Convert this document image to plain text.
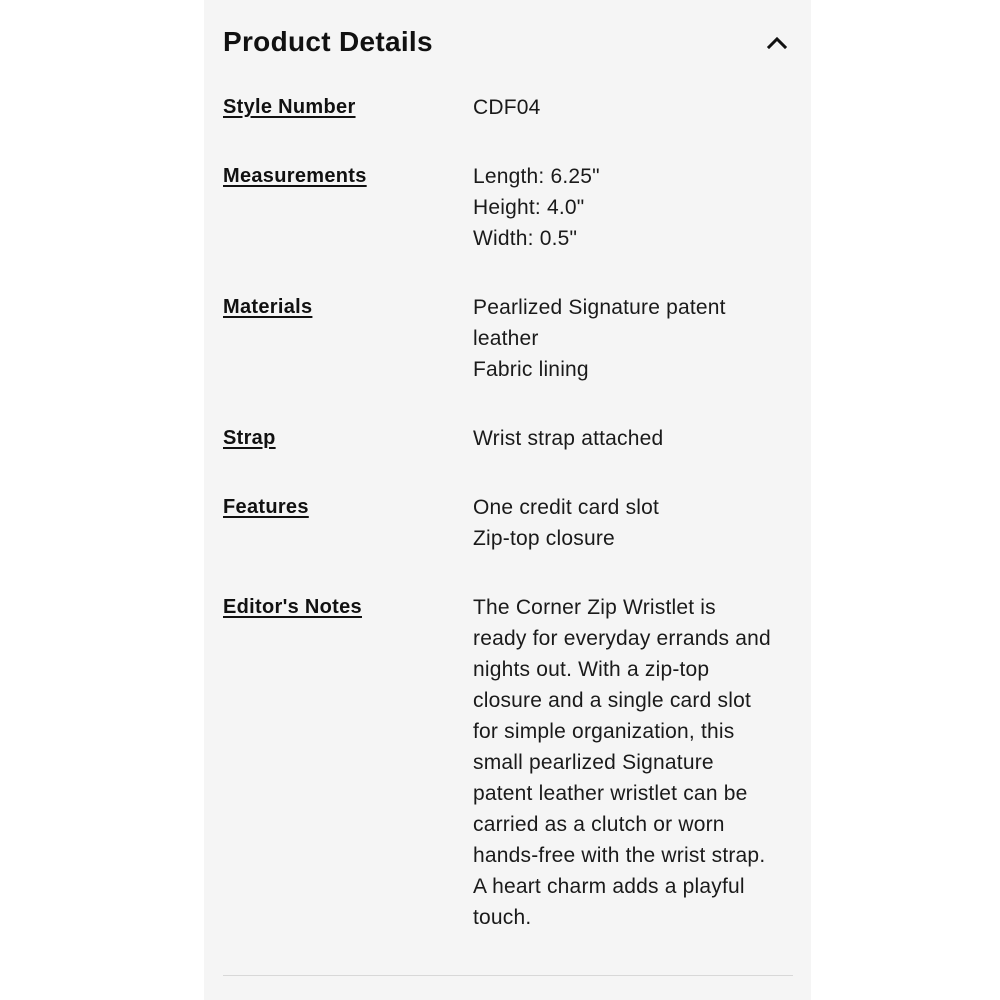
Product Details
Style Number	CDF04
Measurements	Length: 6.25"
Height: 4.0"
Width: 0.5"
Materials	Pearlized Signature patent
leather
Fabric lining
Strap	Wrist strap attached
Features	One credit card slot
Zip-top closure
Editor's Notes	The Corner Zip Wristlet is
ready for everyday errands and
nights out. With a zip-top
closure and a single card slot
for simple organization, this
small pearlized Signature
patent leather wristlet can be
carried as a clutch or worn
hands-free with the wrist strap.
A heart charm adds a playful
touch.
